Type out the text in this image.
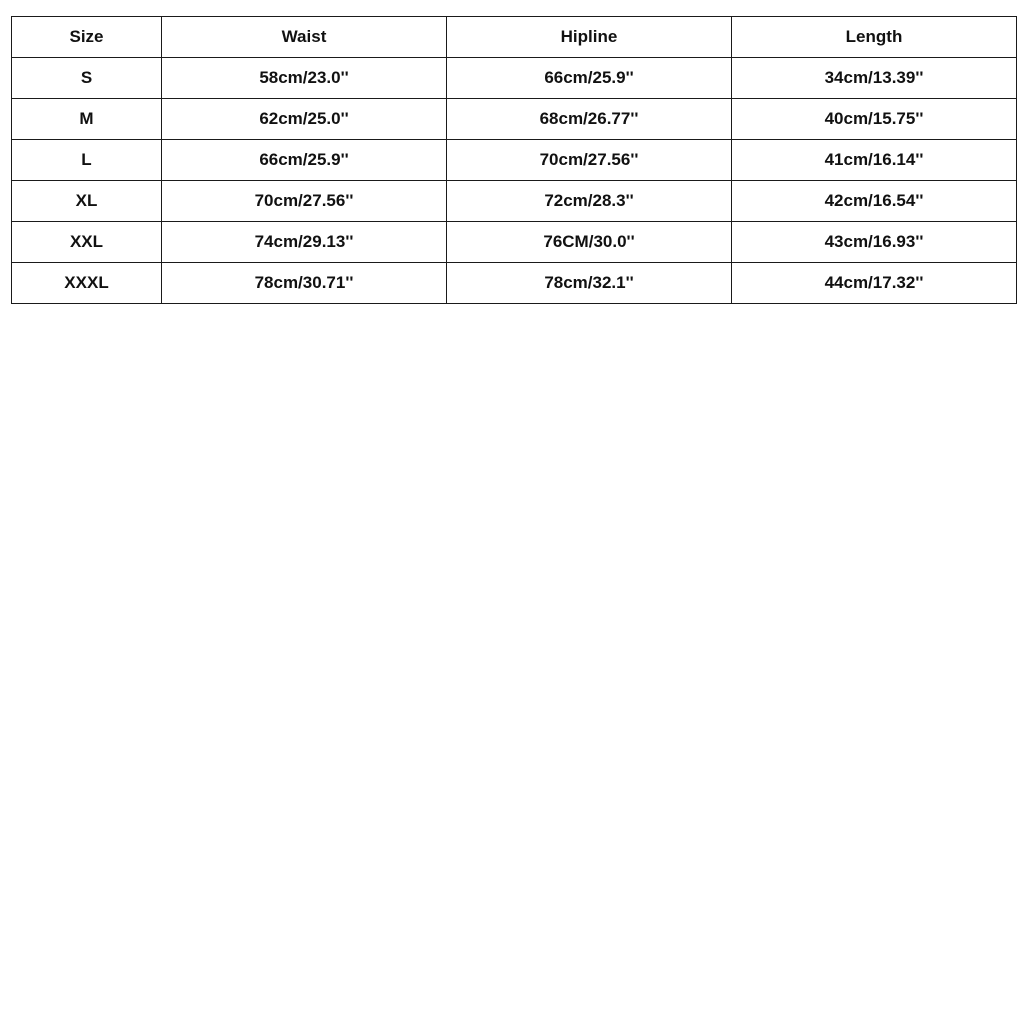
Size	Waist	Hipline	Length
S	58cm/23.0''	66cm/25.9''	34cm/13.39''
M	62cm/25.0''	68cm/26.77''	40cm/15.75''
L	66cm/25.9''	70cm/27.56''	41cm/16.14''
XL	70cm/27.56''	72cm/28.3''	42cm/16.54''
XXL	74cm/29.13''	76CM/30.0''	43cm/16.93''
XXXL	78cm/30.71''	78cm/32.1''	44cm/17.32''
